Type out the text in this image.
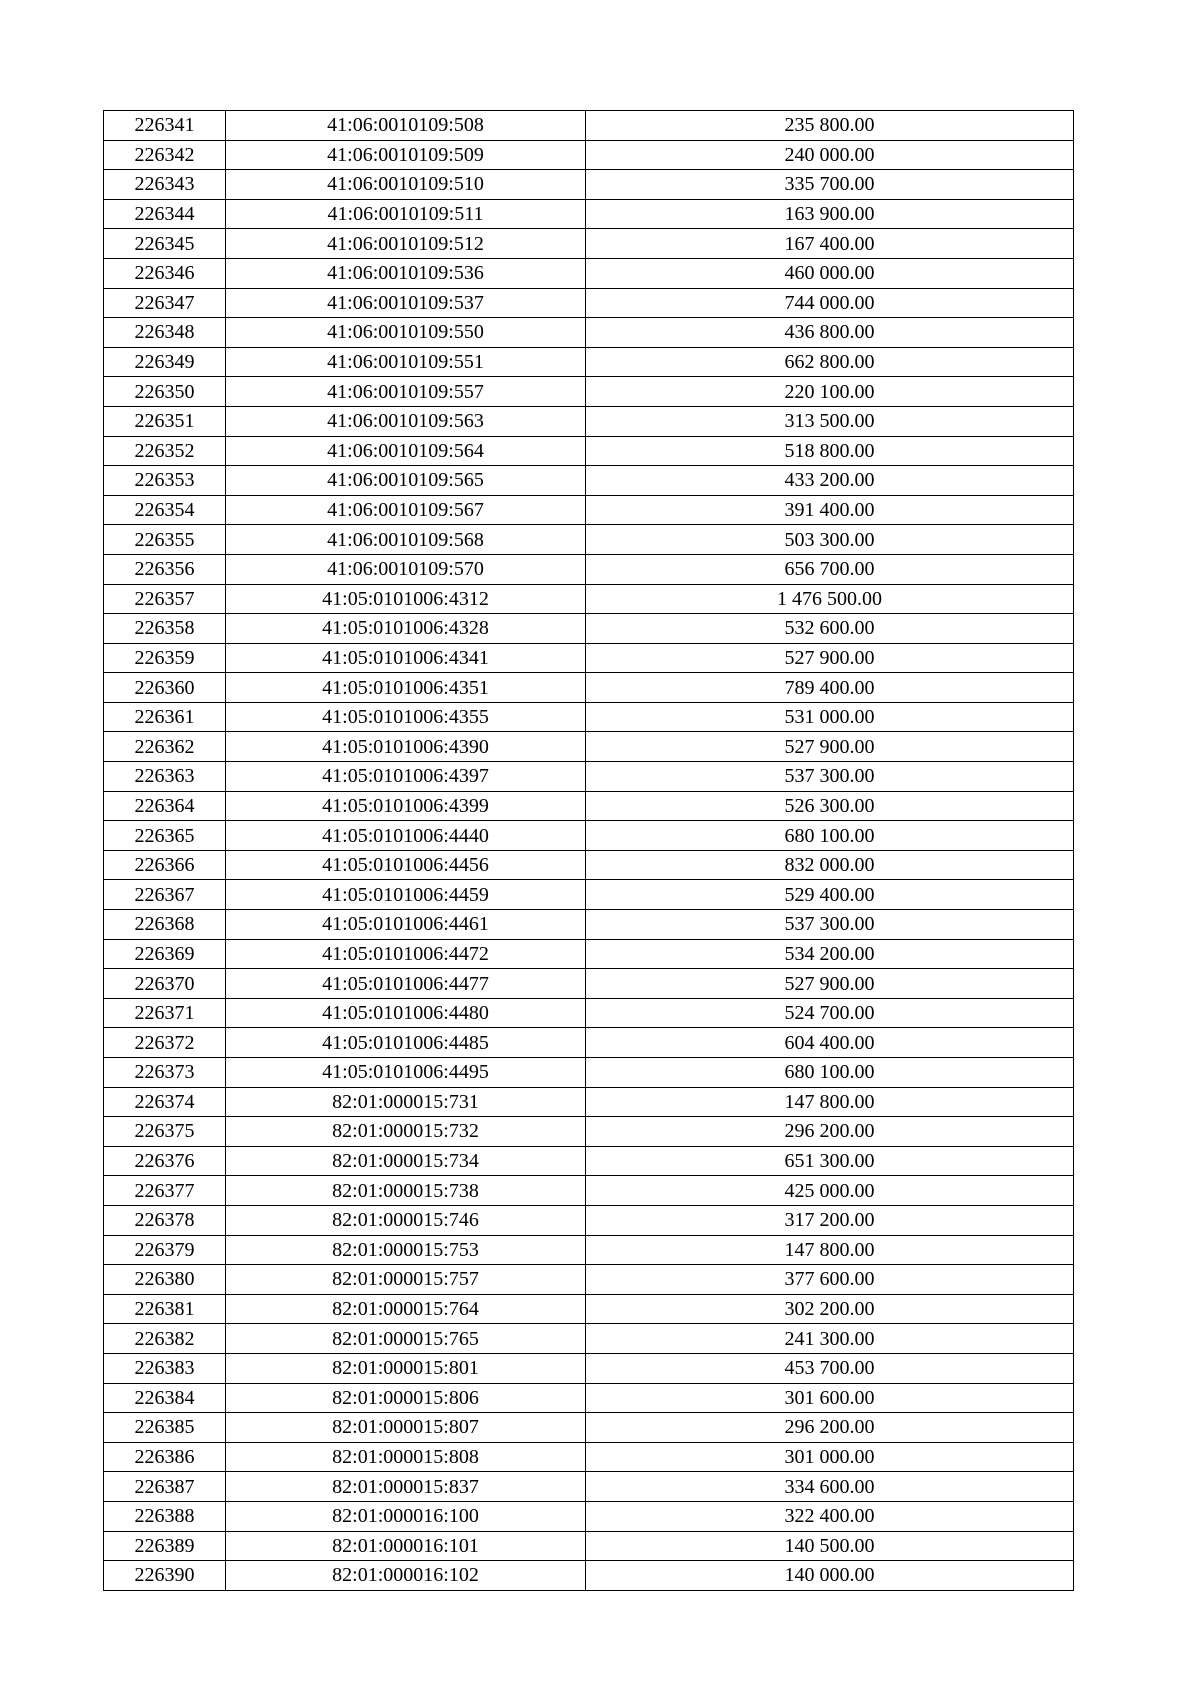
226341	41:06:0010109:508	235 800.00
226342	41:06:0010109:509	240 000.00
226343	41:06:0010109:510	335 700.00
226344	41:06:0010109:511	163 900.00
226345	41:06:0010109:512	167 400.00
226346	41:06:0010109:536	460 000.00
226347	41:06:0010109:537	744 000.00
226348	41:06:0010109:550	436 800.00
226349	41:06:0010109:551	662 800.00
226350	41:06:0010109:557	220 100.00
226351	41:06:0010109:563	313 500.00
226352	41:06:0010109:564	518 800.00
226353	41:06:0010109:565	433 200.00
226354	41:06:0010109:567	391 400.00
226355	41:06:0010109:568	503 300.00
226356	41:06:0010109:570	656 700.00
226357	41:05:0101006:4312	1 476 500.00
226358	41:05:0101006:4328	532 600.00
226359	41:05:0101006:4341	527 900.00
226360	41:05:0101006:4351	789 400.00
226361	41:05:0101006:4355	531 000.00
226362	41:05:0101006:4390	527 900.00
226363	41:05:0101006:4397	537 300.00
226364	41:05:0101006:4399	526 300.00
226365	41:05:0101006:4440	680 100.00
226366	41:05:0101006:4456	832 000.00
226367	41:05:0101006:4459	529 400.00
226368	41:05:0101006:4461	537 300.00
226369	41:05:0101006:4472	534 200.00
226370	41:05:0101006:4477	527 900.00
226371	41:05:0101006:4480	524 700.00
226372	41:05:0101006:4485	604 400.00
226373	41:05:0101006:4495	680 100.00
226374	82:01:000015:731	147 800.00
226375	82:01:000015:732	296 200.00
226376	82:01:000015:734	651 300.00
226377	82:01:000015:738	425 000.00
226378	82:01:000015:746	317 200.00
226379	82:01:000015:753	147 800.00
226380	82:01:000015:757	377 600.00
226381	82:01:000015:764	302 200.00
226382	82:01:000015:765	241 300.00
226383	82:01:000015:801	453 700.00
226384	82:01:000015:806	301 600.00
226385	82:01:000015:807	296 200.00
226386	82:01:000015:808	301 000.00
226387	82:01:000015:837	334 600.00
226388	82:01:000016:100	322 400.00
226389	82:01:000016:101	140 500.00
226390	82:01:000016:102	140 000.00
